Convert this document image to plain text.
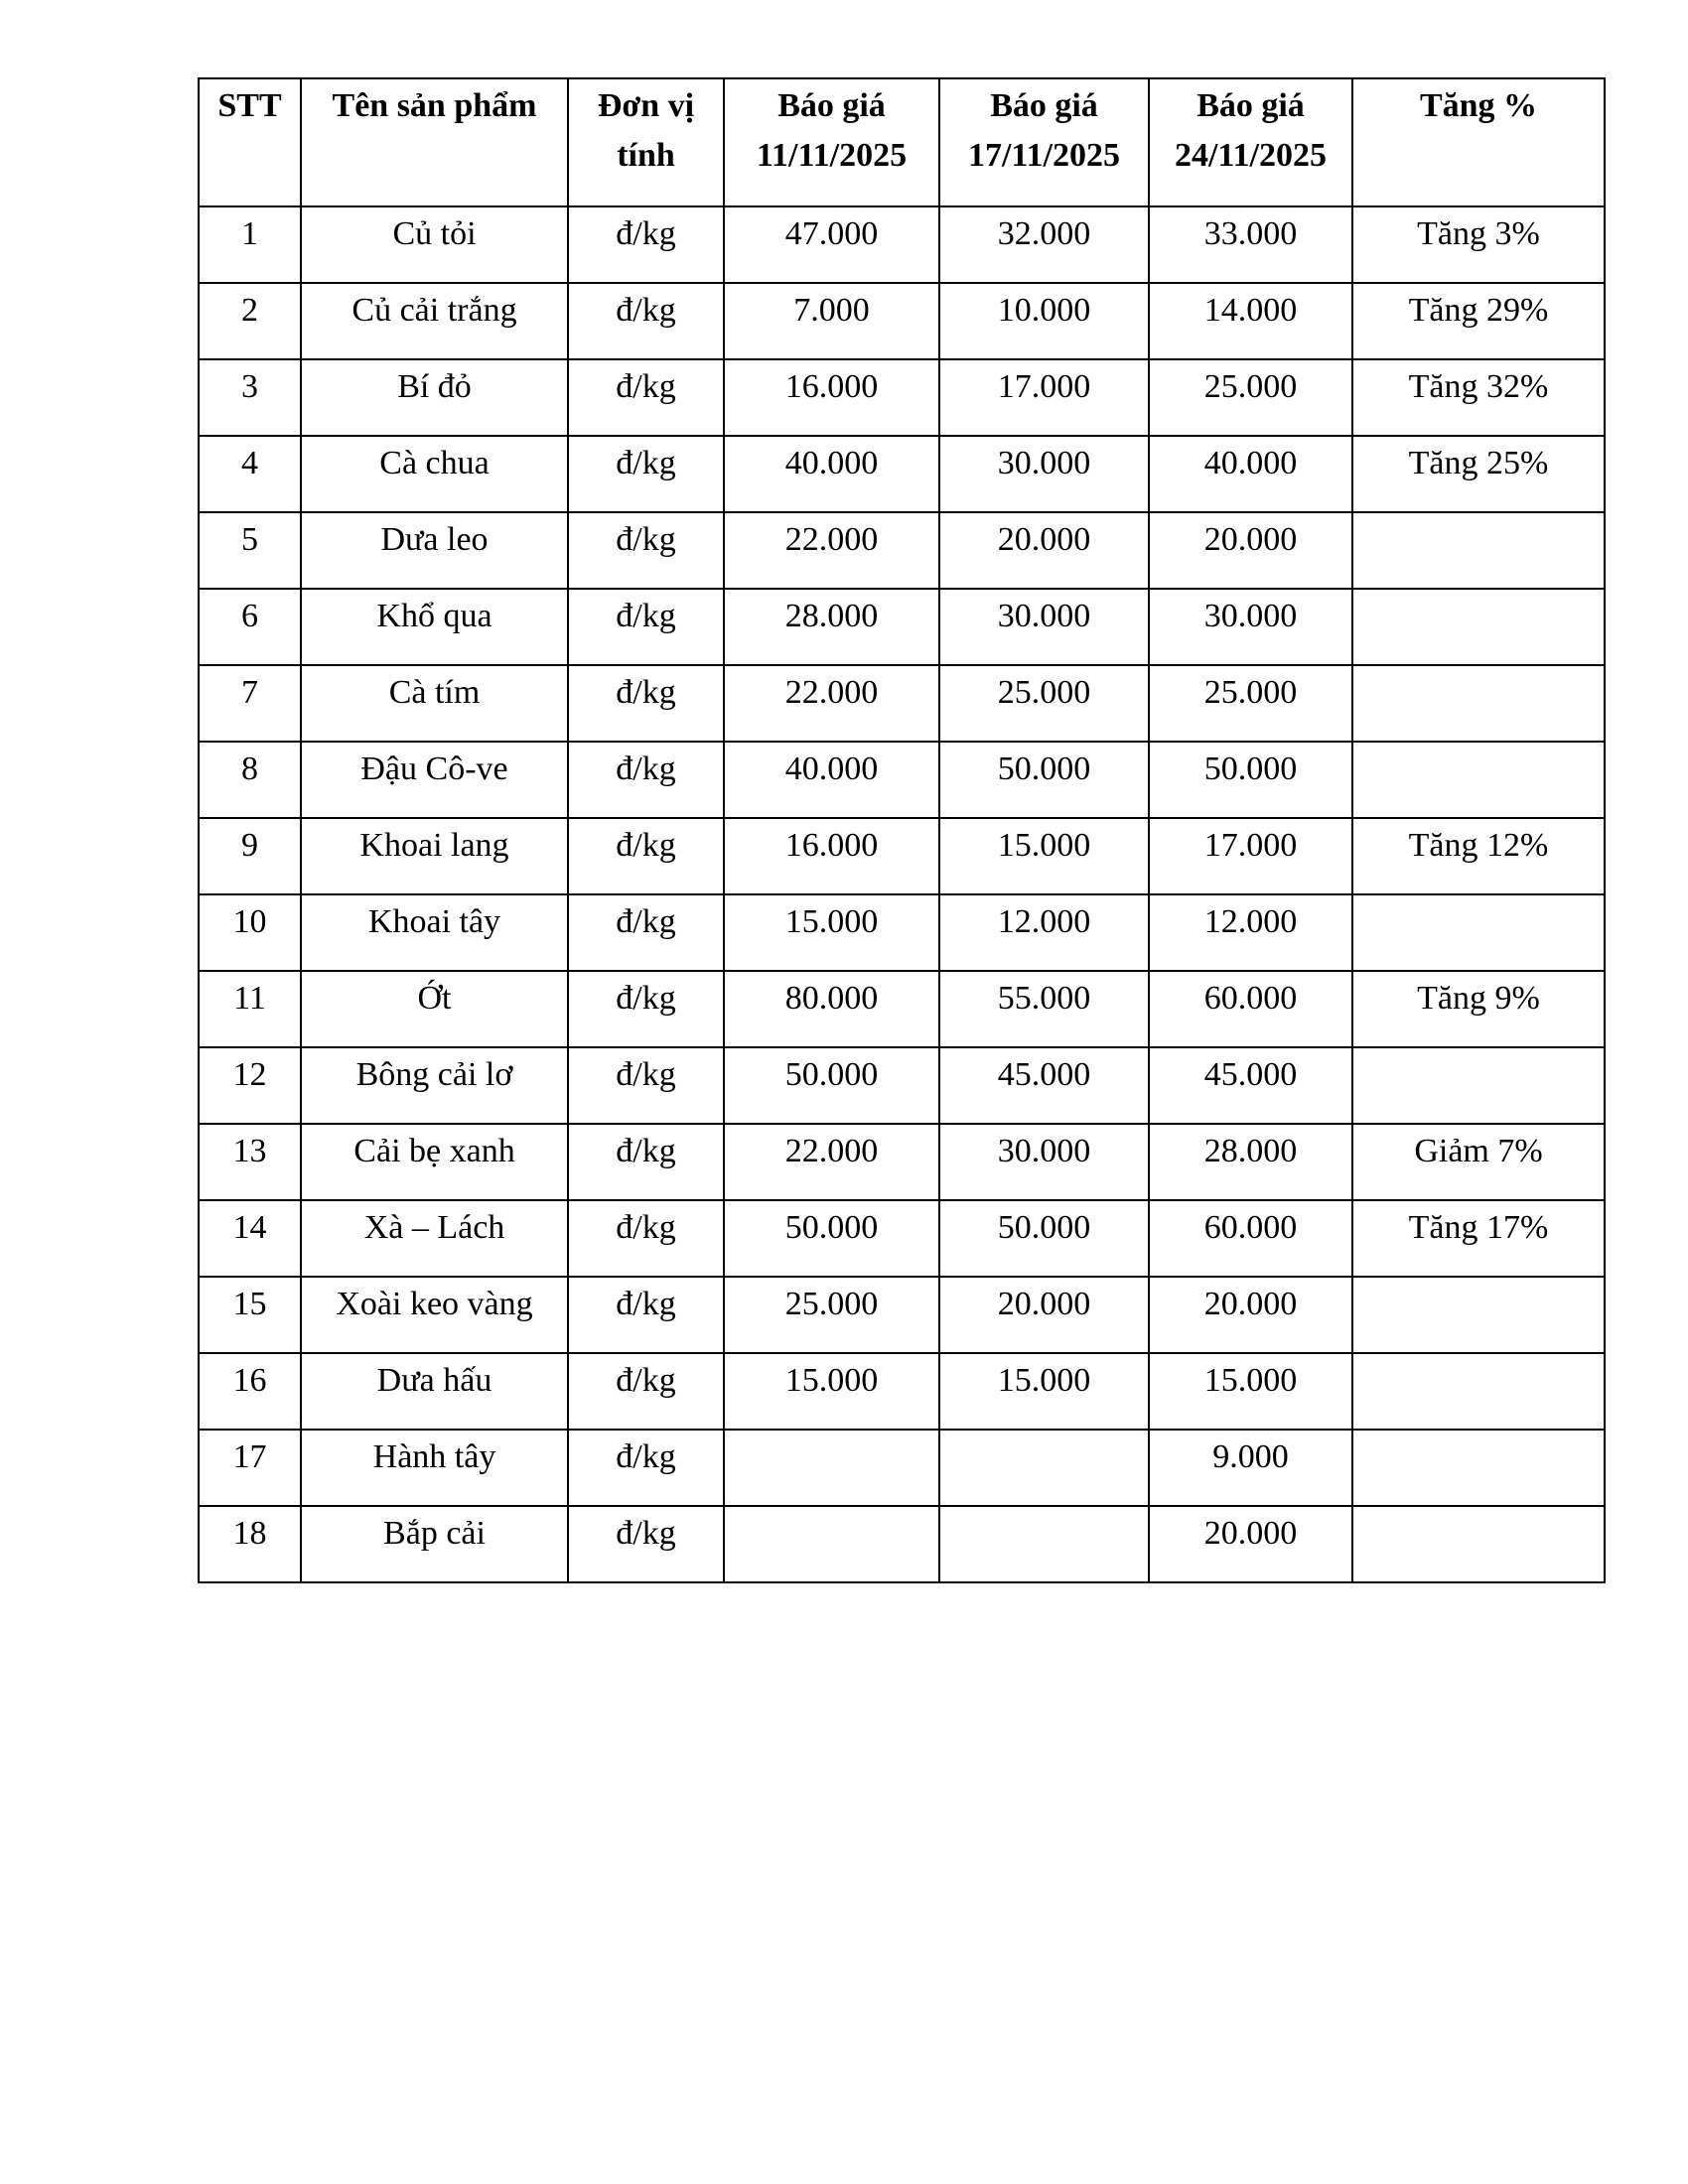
STT	Tên sản phẩm	Đơn vị tính	Báo giá 11/11/2025	Báo giá 17/11/2025	Báo giá 24/11/2025	Tăng %
1	Củ tỏi	đ/kg	47.000	32.000	33.000	Tăng 3%
2	Củ cải trắng	đ/kg	7.000	10.000	14.000	Tăng 29%
3	Bí đỏ	đ/kg	16.000	17.000	25.000	Tăng 32%
4	Cà chua	đ/kg	40.000	30.000	40.000	Tăng 25%
5	Dưa leo	đ/kg	22.000	20.000	20.000	
6	Khổ qua	đ/kg	28.000	30.000	30.000	
7	Cà tím	đ/kg	22.000	25.000	25.000	
8	Đậu Cô-ve	đ/kg	40.000	50.000	50.000	
9	Khoai lang	đ/kg	16.000	15.000	17.000	Tăng 12%
10	Khoai tây	đ/kg	15.000	12.000	12.000	
11	Ớt	đ/kg	80.000	55.000	60.000	Tăng 9%
12	Bông cải lơ	đ/kg	50.000	45.000	45.000	
13	Cải bẹ xanh	đ/kg	22.000	30.000	28.000	Giảm 7%
14	Xà – Lách	đ/kg	50.000	50.000	60.000	Tăng 17%
15	Xoài keo vàng	đ/kg	25.000	20.000	20.000	
16	Dưa hấu	đ/kg	15.000	15.000	15.000	
17	Hành tây	đ/kg			9.000	
18	Bắp cải	đ/kg			20.000	
